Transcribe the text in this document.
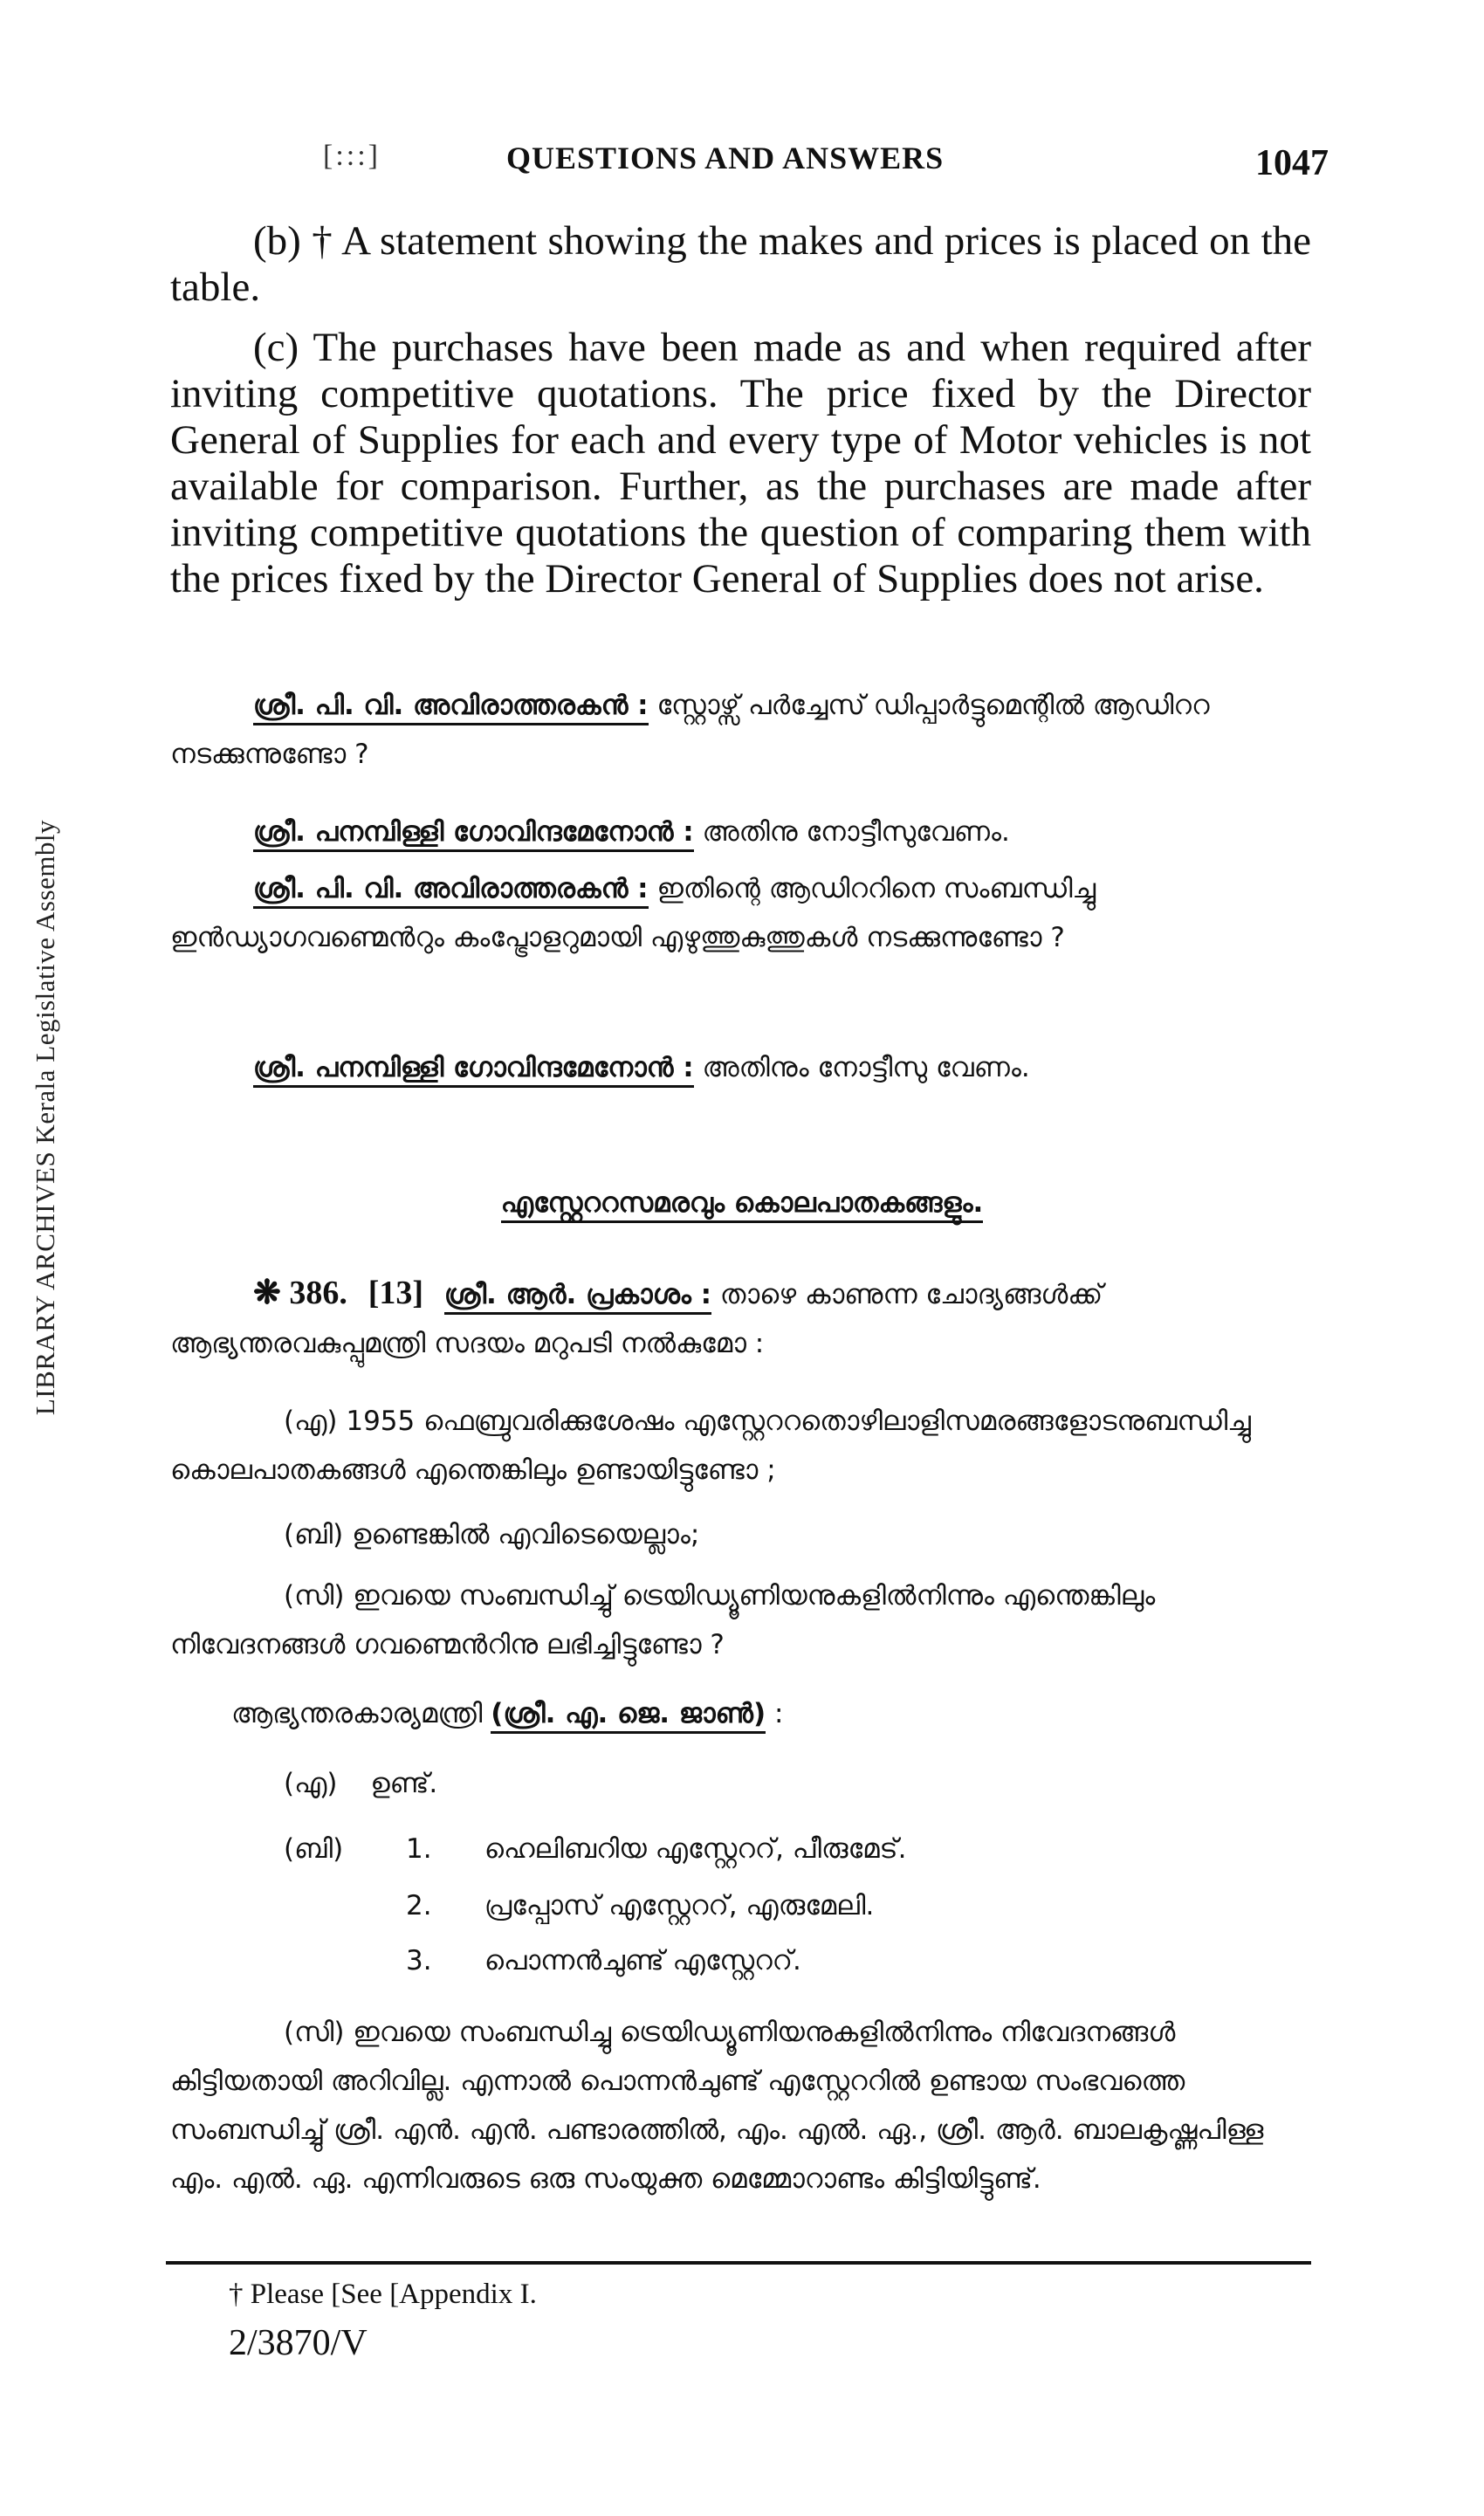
LIBRARY ARCHIVES Kerala Legislative Assembly
[:::]	QUESTIONS AND ANSWERS	1047
(b) † A statement showing the makes and prices is placed on the table.
(c) The purchases have been made as and when required after inviting competitive quotations. The price fixed by the Director General of Supplies for each and every type of Motor vehicles is not available for comparison. Further, as the purchases are made after inviting competitive quotations the question of comparing them with the prices fixed by the Director General of Supplies does not arise.
ശ്രീ. പി. വി. അവിരാത്തരകൻ : സ്റ്റോഴ്സ് പർച്ചേസ് ഡിപ്പാർട്ടുമെന്റിൽ ആഡിററ നടക്കുന്നുണ്ടോ ?
ശ്രീ. പനമ്പിള്ളി ഗോവിന്ദമേനോൻ : അതിനു നോട്ടീസുവേണം.
ശ്രീ. പി. വി. അവിരാത്തരകൻ : ഇതിന്റെ ആഡിററിനെ സംബന്ധിച്ചു ഇൻഡ്യാഗവണ്മെൻറും കംപ്ട്രോളറുമായി എഴുത്തുകുത്തുകൾ നടക്കുന്നുണ്ടോ ?
ശ്രീ. പനമ്പിള്ളി ഗോവിന്ദമേനോൻ : അതിനും നോട്ടീസു വേണം.
എസ്റ്റേററസമരവും കൊലപാതകങ്ങളും.
❋ 386. [13] ശ്രീ. ആർ. പ്രകാശം : താഴെ കാണുന്ന ചോദ്യങ്ങൾക്ക് ആഭ്യന്തരവകുപ്പുമന്ത്രി സദയം മറുപടി നൽകുമോ :
(എ) 1955 ഫെബ്രുവരിക്കുശേഷം എസ്റ്റേററതൊഴിലാളിസമരങ്ങളോടനുബന്ധിച്ചു കൊലപാതകങ്ങൾ എന്തെങ്കിലും ഉണ്ടായിട്ടുണ്ടോ ;
(ബി) ഉണ്ടെങ്കിൽ എവിടെയെല്ലാം;
(സി) ഇവയെ സംബന്ധിച്ചു് ട്രെയിഡ്യൂണിയനുകളിൽനിന്നും എന്തെങ്കിലും നിവേദനങ്ങൾ ഗവണ്മെൻറിനു ലഭിച്ചിട്ടുണ്ടോ ?
ആഭ്യന്തരകാര്യമന്ത്രി (ശ്രീ. എ. ജെ. ജാൺ) :
(എ) ഉണ്ട്.
(ബി) 1. ഹെലിബറിയ എസ്റ്റേററ്, പീരുമേട്.
2. പ്രപ്പോസ് എസ്റ്റേററ്, എരുമേലി.
3. പൊന്നൻചുണ്ട് എസ്റ്റേററ്.
(സി) ഇവയെ സംബന്ധിച്ചു ട്രെയിഡ്യൂണിയനുകളിൽനിന്നും നിവേദനങ്ങൾ കിട്ടിയതായി അറിവില്ല. എന്നാൽ പൊന്നൻചുണ്ട് എസ്റ്റേററിൽ ഉണ്ടായ സംഭവത്തെ സംബന്ധിച്ചു് ശ്രീ. എൻ. എൻ. പണ്ടാരത്തിൽ, എം. എൽ. ഏ., ശ്രീ. ആർ. ബാലകൃഷ്ണപിള്ള എം. എൽ. ഏ. എന്നിവരുടെ ഒരു സംയുക്ത മെമ്മോറാണ്ടം കിട്ടിയിട്ടുണ്ട്.
† Please [See [Appendix I.
2/3870/V
